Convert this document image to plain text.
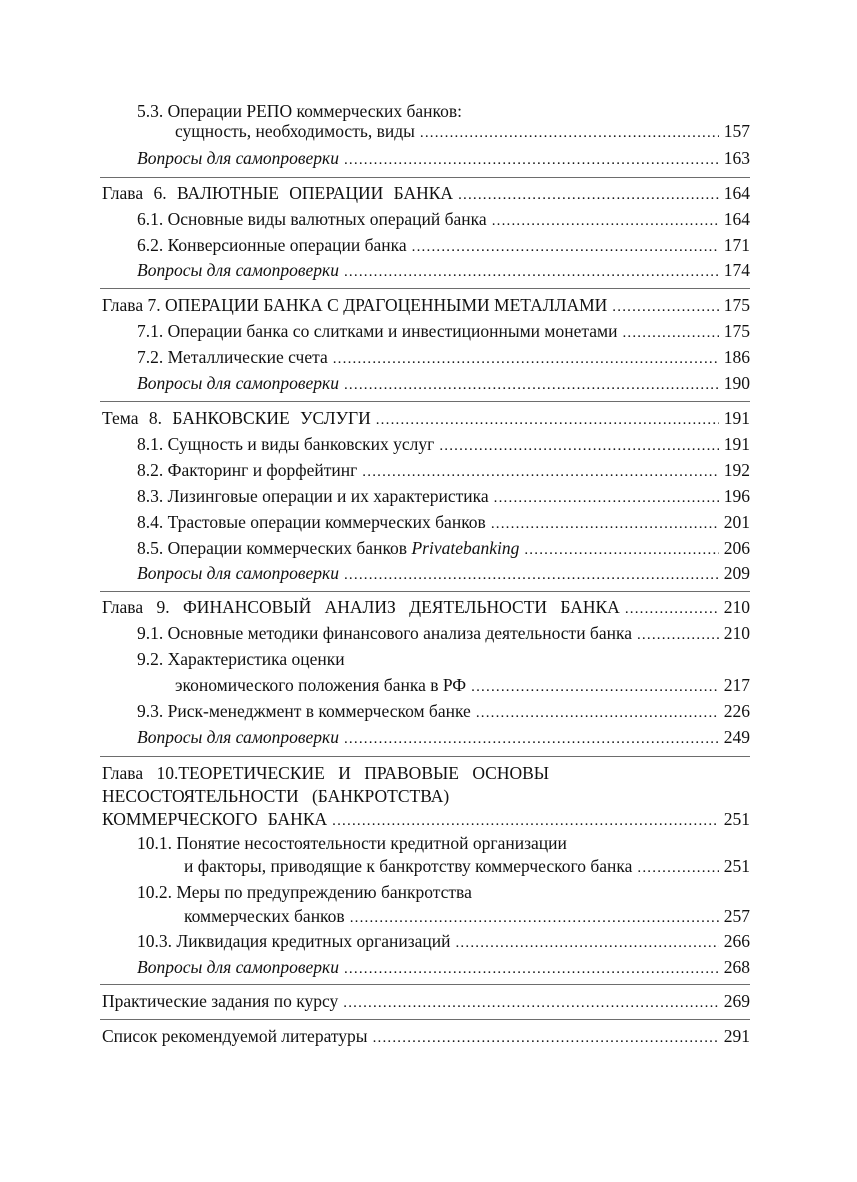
5.3. Операции РЕПО коммерческих банков:
сущность, необходимость, виды .....	157
Вопросы для самопроверки .....	163
Глава 6. ВАЛЮТНЫЕ ОПЕРАЦИИ БАНКА .....	164
6.1. Основные виды валютных операций банка .....	164
6.2. Конверсионные операции банка .....	171
Вопросы для самопроверки .....	174
Глава 7. ОПЕРАЦИИ БАНКА С ДРАГОЦЕННЫМИ МЕТАЛЛАМИ .....	175
7.1. Операции банка со слитками и инвестиционными монетами .....	175
7.2. Металлические счета .....	186
Вопросы для самопроверки .....	190
Тема 8. БАНКОВСКИЕ УСЛУГИ .....	191
8.1. Сущность и виды банковских услуг .....	191
8.2. Факторинг и форфейтинг .....	192
8.3. Лизинговые операции и их характеристика .....	196
8.4. Трастовые операции коммерческих банков .....	201
8.5. Операции коммерческих банков Privatebanking .....	206
Вопросы для самопроверки .....	209
Глава 9. ФИНАНСОВЫЙ АНАЛИЗ ДЕЯТЕЛЬНОСТИ БАНКА .....	210
9.1. Основные методики финансового анализа деятельности банка .....	210
9.2. Характеристика оценки
экономического положения банка в РФ .....	217
9.3. Риск-менеджмент в коммерческом банке .....	226
Вопросы для самопроверки .....	249
Глава 10.ТЕОРЕТИЧЕСКИЕ И ПРАВОВЫЕ ОСНОВЫ
НЕСОСТОЯТЕЛЬНОСТИ (БАНКРОТСТВА)
КОММЕРЧЕСКОГО БАНКА .....	251
10.1. Понятие несостоятельности кредитной организации
и факторы, приводящие к банкротству коммерческого банка .....	251
10.2. Меры по предупреждению банкротства
коммерческих банков .....	257
10.3. Ликвидация кредитных организаций .....	266
Вопросы для самопроверки .....	268
Практические задания по курсу .....	269
Список рекомендуемой литературы .....	291
